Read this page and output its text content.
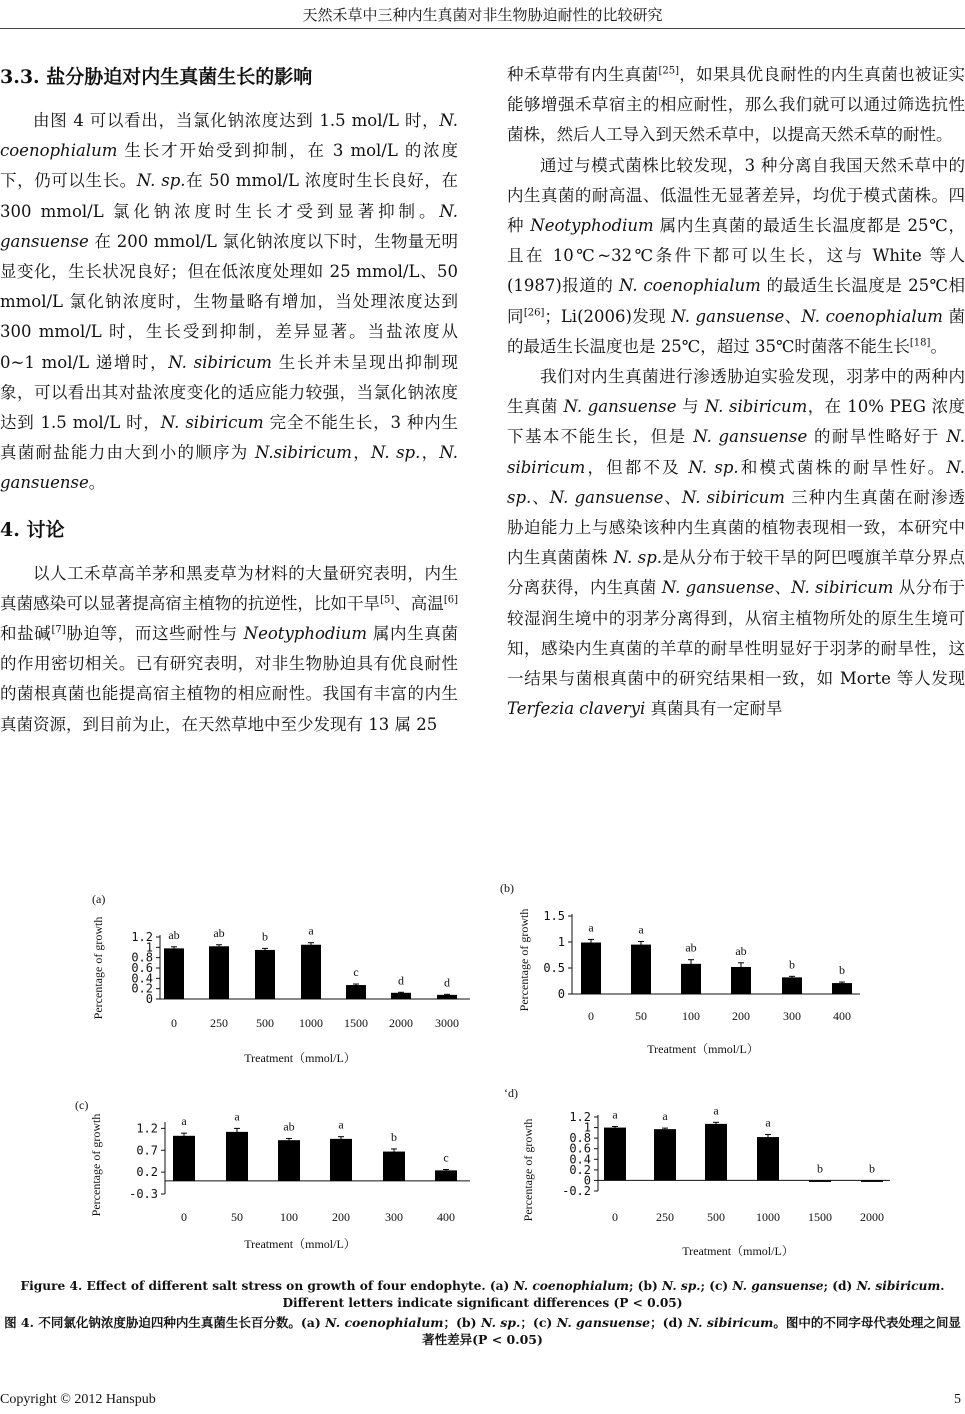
天然禾草中三种内生真菌对非生物胁迫耐性的比较研究
3.3. 盐分胁迫对内生真菌生长的影响

由图 4 可以看出，当氯化钠浓度达到 1.5 mol/L 时，N. coenophialum 生长才开始受到抑制，在 3 mol/L 的浓度下，仍可以生长。N. sp.在 50 mmol/L 浓度时生长良好，在 300 mmol/L 氯化钠浓度时生长才受到显著抑制。N. gansuense 在 200 mmol/L 氯化钠浓度以下时，生物量无明显变化，生长状况良好；但在低浓度处理如 25 mmol/L、50 mmol/L 氯化钠浓度时，生物量略有增加，当处理浓度达到 300 mmol/L 时，生长受到抑制，差异显著。当盐浓度从 0~1 mol/L 递增时，N. sibiricum 生长并未呈现出抑制现象，可以看出其对盐浓度变化的适应能力较强，当氯化钠浓度达到 1.5 mol/L 时，N. sibiricum 完全不能生长，3 种内生真菌耐盐能力由大到小的顺序为 N.sibiricum，N. sp.，N. gansuense。

4. 讨论

以人工禾草高羊茅和黑麦草为材料的大量研究表明，内生真菌感染可以显著提高宿主植物的抗逆性，比如干旱[5]、高温[6]和盐碱[7]胁迫等，而这些耐性与 Neotyphodium 属内生真菌的作用密切相关。已有研究表明，对非生物胁迫具有优良耐性的菌根真菌也能提高宿主植物的相应耐性。我国有丰富的内生真菌资源，到目前为止，在天然草地中至少发现有 13 属 25

种禾草带有内生真菌[25]，如果具优良耐性的内生真菌也被证实能够增强禾草宿主的相应耐性，那么我们就可以通过筛选抗性菌株，然后人工导入到天然禾草中，以提高天然禾草的耐性。

通过与模式菌株比较发现，3 种分离自我国天然禾草中的内生真菌的耐高温、低温性无显著差异，均优于模式菌株。四种 Neotyphodium 属内生真菌的最适生长温度都是 25℃，且在 10℃~32℃条件下都可以生长，这与 White 等人(1987)报道的 N. coenophialum 的最适生长温度是 25℃相同[26]；Li(2006)发现 N. gansuense、N. coenophialum 菌的最适生长温度也是 25℃，超过 35℃时菌落不能生长[18]。

我们对内生真菌进行渗透胁迫实验发现，羽茅中的两种内生真菌 N. gansuense 与 N. sibiricum，在 10% PEG 浓度下基本不能生长，但是 N. gansuense 的耐旱性略好于 N. sibiricum，但都不及 N. sp.和模式菌株的耐旱性好。N. sp.、N. gansuense、N. sibiricum 三种内生真菌在耐渗透胁迫能力上与感染该种内生真菌的植物表现相一致，本研究中内生真菌菌株 N. sp.是从分布于较干旱的阿巴嘎旗羊草分界点分离获得，内生真菌 N. gansuense、N. sibiricum 从分布于较湿润生境中的羽茅分离得到，从宿主植物所处的原生生境可知，感染内生真菌的羊草的耐旱性明显好于羽茅的耐旱性，这一结果与菌根真菌中的研究结果相一致，如 Morte 等人发现 Terfezia claveryi 真菌具有一定耐旱

(a)
1.2
1
0.8
0.6
0.4
0.2
0
Percentage of growth
Treatment（mmol/L）
ab
0
ab
250
b
500
a
1000
c
1500
d
2000
d
3000
(b)
1.5
1
0.5
0
Percentage of growth
Treatment（mmol/L）
a
0
a
50
ab
100
ab
200
b
300
b
400
(c)
1.2
0.7
0.2
-0.3
Percentage of growth
Treatment（mmol/L）
a
0
a
50
ab
100
a
200
b
300
c
400
‘d)
1.2
1
0.8
0.6
0.4
0.2
0
-0.2
Percentage of growth
Treatment（mmol/L）
a
0
a
250
a
500
a
1000
b
1500
b
2000
Figure 4. Effect of different salt stress on growth of four endophyte. (a) N. coenophialum; (b) N. sp.; (c) N. gansuense; (d) N. sibiricum. Different letters indicate significant differences (P < 0.05)
图 4. 不同氯化钠浓度胁迫四种内生真菌生长百分数。(a) N. coenophialum；(b) N. sp.；(c) N. gansuense；(d) N. sibiricum。图中的不同字母代表处理之间显著性差异(P < 0.05)
Copyright © 2012 Hanspub	5
